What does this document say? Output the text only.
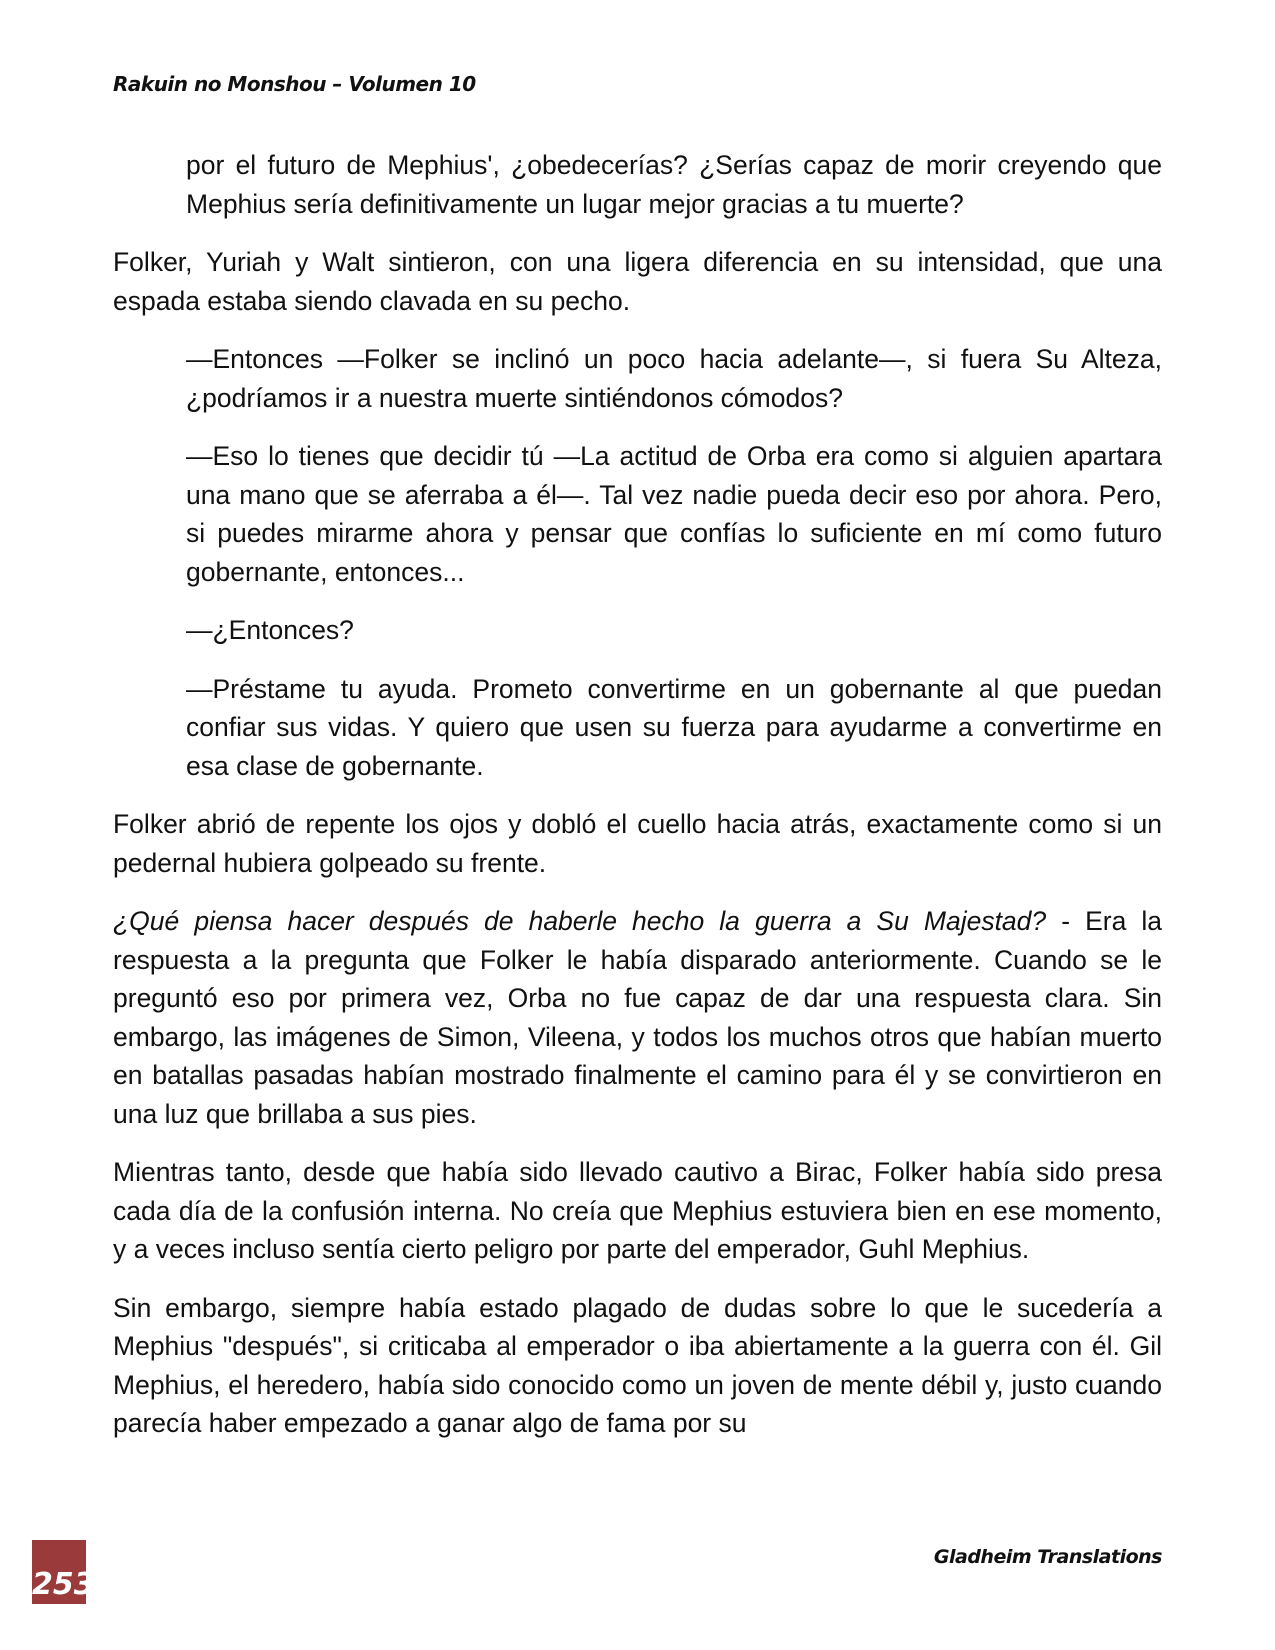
Rakuin no Monshou – Volumen 10

por el futuro de Mephius', ¿obedecerías? ¿Serías capaz de morir creyendo que Mephius sería definitivamente un lugar mejor gracias a tu muerte?

Folker, Yuriah y Walt sintieron, con una ligera diferencia en su intensidad, que una espada estaba siendo clavada en su pecho.

—Entonces —Folker se inclinó un poco hacia adelante—, si fuera Su Alteza, ¿podríamos ir a nuestra muerte sintiéndonos cómodos?

—Eso lo tienes que decidir tú —La actitud de Orba era como si alguien apartara una mano que se aferraba a él—. Tal vez nadie pueda decir eso por ahora. Pero, si puedes mirarme ahora y pensar que confías lo suficiente en mí como futuro gobernante, entonces...

—¿Entonces?

—Préstame tu ayuda. Prometo convertirme en un gobernante al que puedan confiar sus vidas. Y quiero que usen su fuerza para ayudarme a convertirme en esa clase de gobernante.

Folker abrió de repente los ojos y dobló el cuello hacia atrás, exactamente como si un pedernal hubiera golpeado su frente.

¿Qué piensa hacer después de haberle hecho la guerra a Su Majestad? - Era la respuesta a la pregunta que Folker le había disparado anteriormente. Cuando se le preguntó eso por primera vez, Orba no fue capaz de dar una respuesta clara. Sin embargo, las imágenes de Simon, Vileena, y todos los muchos otros que habían muerto en batallas pasadas habían mostrado finalmente el camino para él y se convirtieron en una luz que brillaba a sus pies.

Mientras tanto, desde que había sido llevado cautivo a Birac, Folker había sido presa cada día de la confusión interna. No creía que Mephius estuviera bien en ese momento, y a veces incluso sentía cierto peligro por parte del emperador, Guhl Mephius.

Sin embargo, siempre había estado plagado de dudas sobre lo que le sucedería a Mephius "después", si criticaba al emperador o iba abiertamente a la guerra con él. Gil Mephius, el heredero, había sido conocido como un joven de mente débil y, justo cuando parecía haber empezado a ganar algo de fama por su

253
Gladheim Translations
